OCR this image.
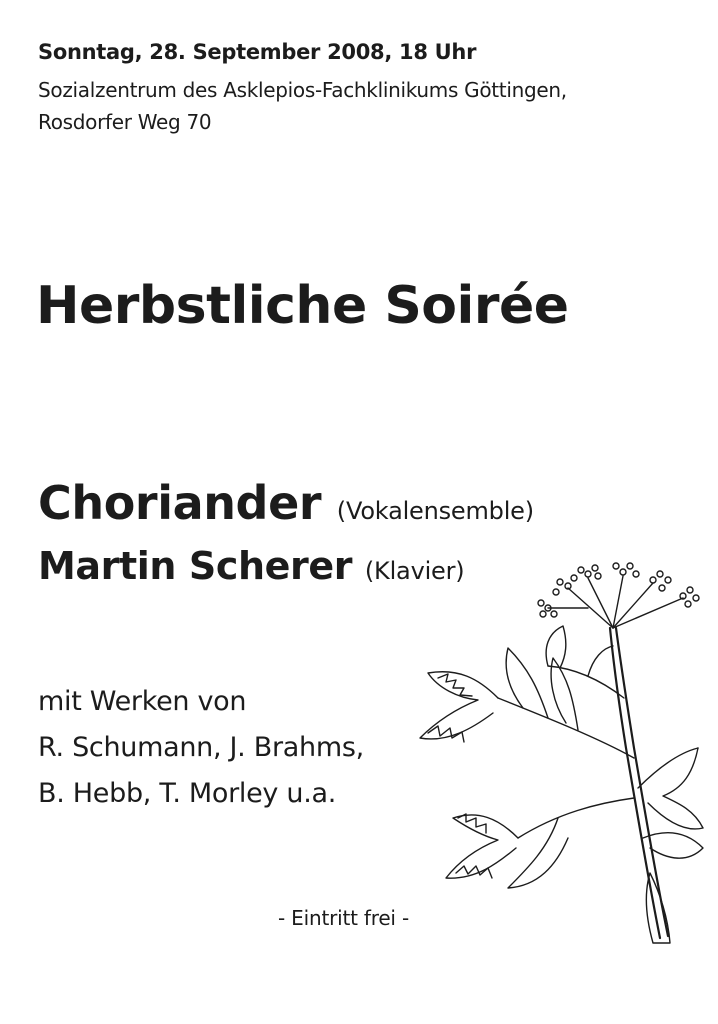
Sonntag, 28. September 2008, 18 Uhr
Sozialzentrum des Asklepios-Fachklinikums Göttingen,
Rosdorfer Weg 70
Herbstliche Soirée
Choriander (Vokalensemble)
Martin Scherer (Klavier)
mit Werken von
R. Schumann, J. Brahms,
B. Hebb, T. Morley u.a.
- Eintritt frei -
